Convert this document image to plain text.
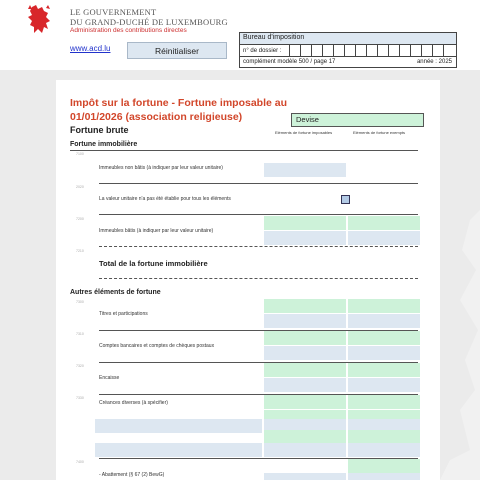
LE GOUVERNEMENT
DU GRAND-DUCHÉ DE LUXEMBOURG
Administration des contributions directes
www.acd.lu	Réinitialiser
Bureau d'imposition
n° de dossier :
complément modèle 500 / page 17	année : 2025
Impôt sur la fortune - Fortune imposable au 01/01/2026 (association religieuse)	Devise
Fortune brute	Eléments de fortune imposables	Eléments de fortune exempts
Fortune immobilière
7100
Immeubles non bâtis (à indiquer par leur valeur unitaire)
2020
La valeur unitaire n'a pas été établie pour tous les éléments
7200
Immeubles bâtis (à indiquer par leur valeur unitaire)
7210
Total de la fortune immobilière
Autres éléments de fortune
7300
Titres et participations
7310
Comptes bancaires et comptes de chèques postaux
7320
Encaisse
7330
Créances diverses (à spécifier)
7400
- Abattement (§ 67 (2) BewG)
